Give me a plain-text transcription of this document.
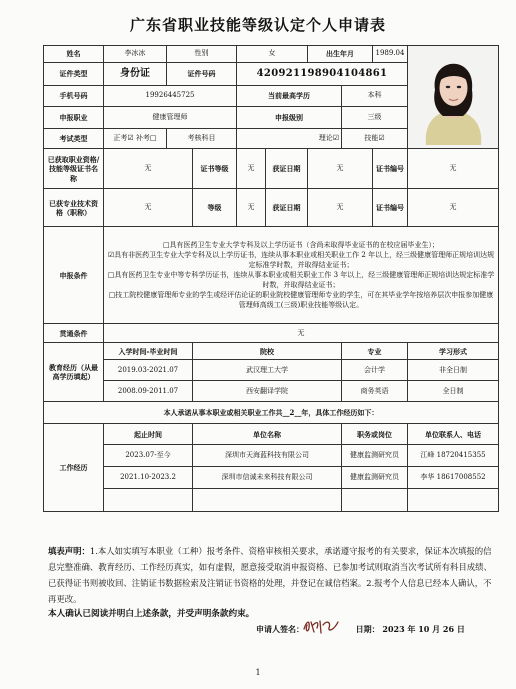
广东省职业技能等级认定个人申请表
姓名	李冰冰	性别		女		出生年月		1989.04	

证件类型	身份证	证件号码		420921198904104861					
手机号码	19926445725			当前最高学历			本科		
申报职业	健康管理师			申报级别			三级		
考试类型	正考☑ 补考□	考核科目		理论☑			技能☑		
已获取职业资格/技能等级证书名称	无		证书等级	无	获证日期	无		证书编号	无
已获专业技术资格（职称）	无		等级	无	获证日期	无		证书编号	无
申报条件	□具有医药卫生专业大学专科及以上学历证书（含尚未取得毕业证书的在校应届毕业生）；
☑具有非医药卫生专业大学专科及以上学历证书，连续从事本职业或相关职业工作 2 年以上，经三级健康管理师正规培训达规定标准学时数，并取得结业证书；
□具有医药卫生专业中等专科学历证书，连续从事本职业或相关职业工作 3 年以上，经三级健康管理师正规培训达规定标准学时数，并取得结业证书；
□技工院校健康管理师专业的学生或经评估论证的职业院校健康管理师专业的学生，可在其毕业学年按培养层次申报参加健康管理师高级工(三级)职业技能等级认定。								

贯通条件	无								
教育经历（从最高学历填起）	入学时间-毕业时间		院校				专业		学习形式
	2019.03-2021.07		武汉理工大学				会计学		非全日制
	2008.09-2011.07		西安翻译学院				商务英语		全日制
本人承诺从事本职业或相关职业工作共__2__年，具体工作经历如下：									
工作经历	起止时间		单位名称				职务或岗位		单位联系人、电话
	2023.07-至今		深圳市天海蓝科技有限公司				健康监测研究员		江峰 18720415355
	2021.10-2023.2		深圳市信诚未来科技有限公司				健康监测研究员		李华 18617008552

填表声明：1.本人如实填写本职业（工种）报考条件、资格审核相关要求，承诺遵守报考的有关要求，保证本次填报的信息完整准确、教育经历、工作经历真实，如有虚假，愿意接受取消申报资格、已参加考试则取消当次考试所有科目成绩、已获得证书则被收回、注销证书数据检索及注销证书资格的处理，并登记在诚信档案。2.报考个人信息已经本人确认，不再更改。
本人确认已阅读并明白上述条款，并受声明条款约束。
申请人签名：	日期： 2023 年 10 月 26 日
1
